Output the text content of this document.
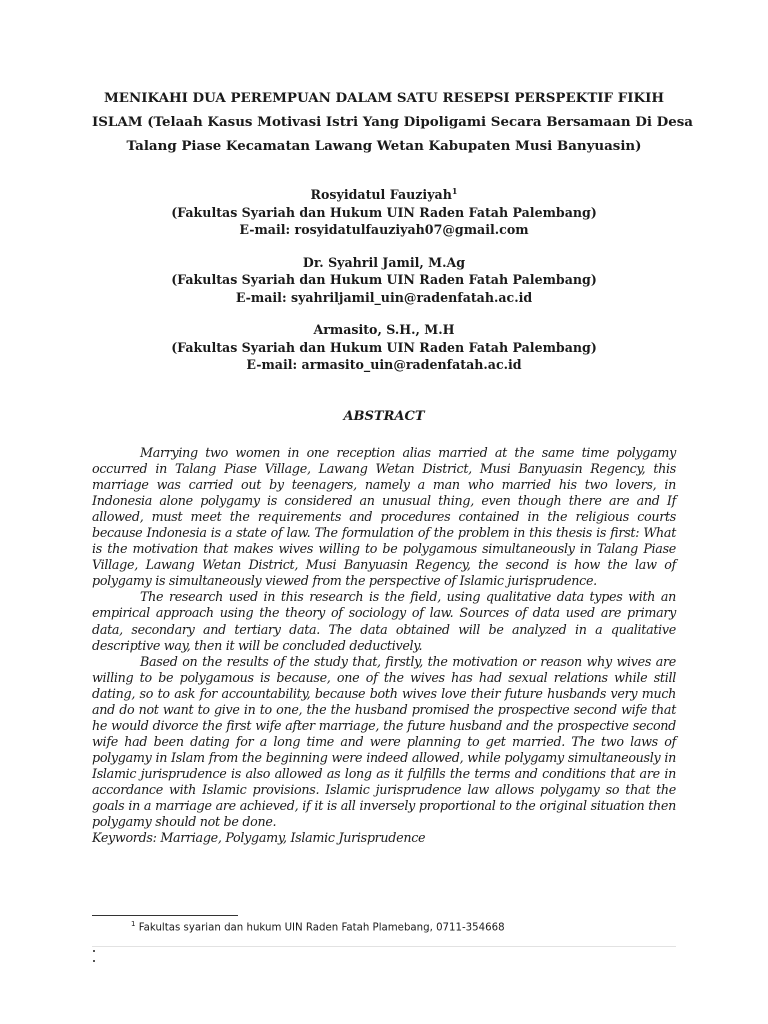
MENIKAHI DUA PEREMPUAN DALAM SATU RESEPSI PERSPEKTIF FIKIH
ISLAM (Telaah Kasus Motivasi Istri Yang Dipoligami Secara Bersamaan Di Desa
Talang Piase Kecamatan Lawang Wetan Kabupaten Musi Banyuasin)
Rosyidatul Fauziyah$^1$
(Fakultas Syariah dan Hukum UIN Raden Fatah Palembang)
E-mail: rosyidatulfauziyah07@gmail.com
Dr. Syahril Jamil, M.Ag
(Fakultas Syariah dan Hukum UIN Raden Fatah Palembang)
E-mail: syahriljamil_uin@radenfatah.ac.id
Armasito, S.H., M.H
(Fakultas Syariah dan Hukum UIN Raden Fatah Palembang)
E-mail: armasito_uin@radenfatah.ac.id
ABSTRACT

Marrying two women in one reception alias married at the same time polygamy occurred in Talang Piase Village, Lawang Wetan District, Musi Banyuasin Regency, this marriage was carried out by teenagers, namely a man who married his two lovers, in Indonesia alone polygamy is considered an unusual thing, even though there are and If allowed, must meet the requirements and procedures contained in the religious courts because Indonesia is a state of law. The formulation of the problem in this thesis is first: What is the motivation that makes wives willing to be polygamous simultaneously in Talang Piase Village, Lawang Wetan District, Musi Banyuasin Regency, the second is how the law of polygamy is simultaneously viewed from the perspective of Islamic jurisprudence.

The research used in this research is the field, using qualitative data types with an empirical approach using the theory of sociology of law. Sources of data used are primary data, secondary and tertiary data. The data obtained will be analyzed in a qualitative descriptive way, then it will be concluded deductively.

Based on the results of the study that, firstly, the motivation or reason why wives are willing to be polygamous is because, one of the wives has had sexual relations while still dating, so to ask for accountability, because both wives love their future husbands very much and do not want to give in to one, the the husband promised the prospective second wife that he would divorce the first wife after marriage, the future husband and the prospective second wife had been dating for a long time and were planning to get married. The two laws of polygamy in Islam from the beginning were indeed allowed, while polygamy simultaneously in Islamic jurisprudence is also allowed as long as it fulfills the terms and conditions that are in accordance with Islamic provisions. Islamic jurisprudence law allows polygamy so that the goals in a marriage are achieved, if it is all inversely proportional to the original situation then polygamy should not be done.

Keywords: Marriage, Polygamy, Islamic Jurisprudence

$^1$ Fakultas syarian dan hukum UIN Raden Fatah Plamebang, 0711-354668
